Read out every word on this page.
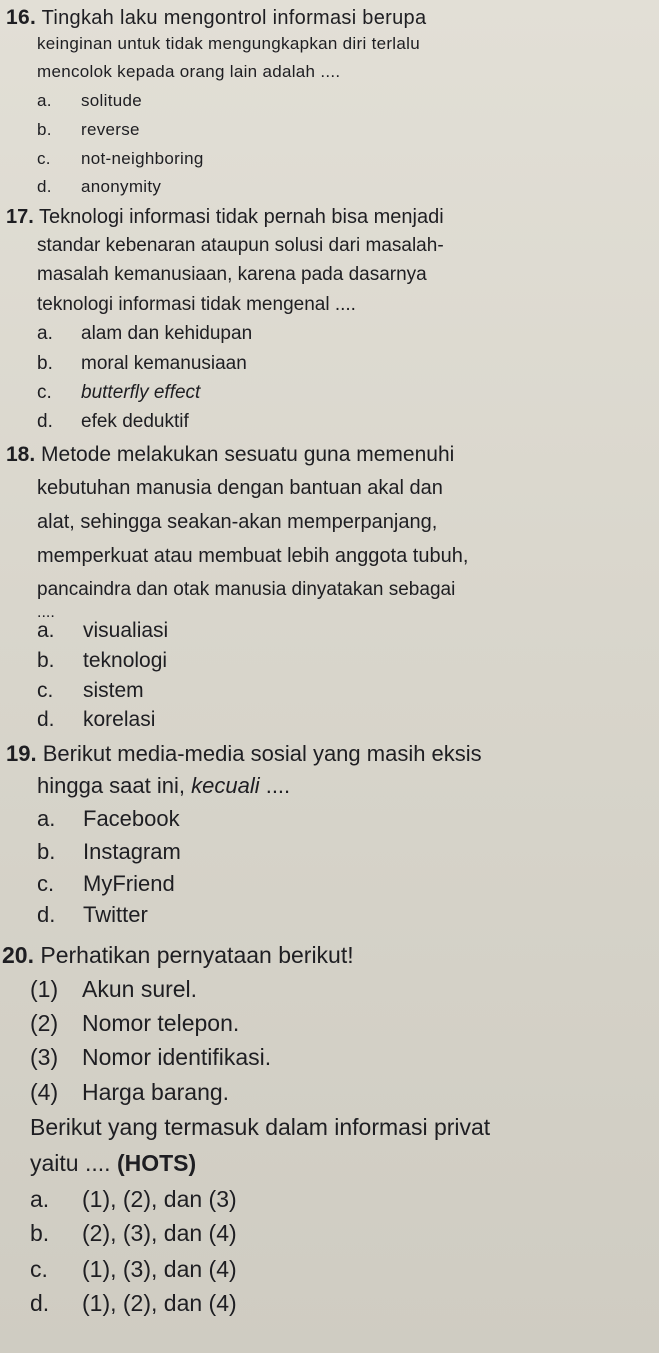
16. Tingkah laku mengontrol informasi berupa
keinginan untuk tidak mengungkapkan diri terlalu
mencolok kepada orang lain adalah ....
a. solitude
b. reverse
c. not-neighboring
d. anonymity
17. Teknologi informasi tidak pernah bisa menjadi
standar kebenaran ataupun solusi dari masalah-
masalah kemanusiaan, karena pada dasarnya
teknologi informasi tidak mengenal ....
a. alam dan kehidupan
b. moral kemanusiaan
c. butterfly effect
d. efek deduktif
18. Metode melakukan sesuatu guna memenuhi
kebutuhan manusia dengan bantuan akal dan
alat, sehingga seakan-akan memperpanjang,
memperkuat atau membuat lebih anggota tubuh,
pancaindra dan otak manusia dinyatakan sebagai
....
a. visualiasi
b. teknologi
c. sistem
d. korelasi
19. Berikut media-media sosial yang masih eksis
hingga saat ini, kecuali ....
a. Facebook
b. Instagram
c. MyFriend
d. Twitter
20. Perhatikan pernyataan berikut!
(1) Akun surel.
(2) Nomor telepon.
(3) Nomor identifikasi.
(4) Harga barang.
Berikut yang termasuk dalam informasi privat
yaitu .... (HOTS)
a. (1), (2), dan (3)
b. (2), (3), dan (4)
c. (1), (3), dan (4)
d. (1), (2), dan (4)
